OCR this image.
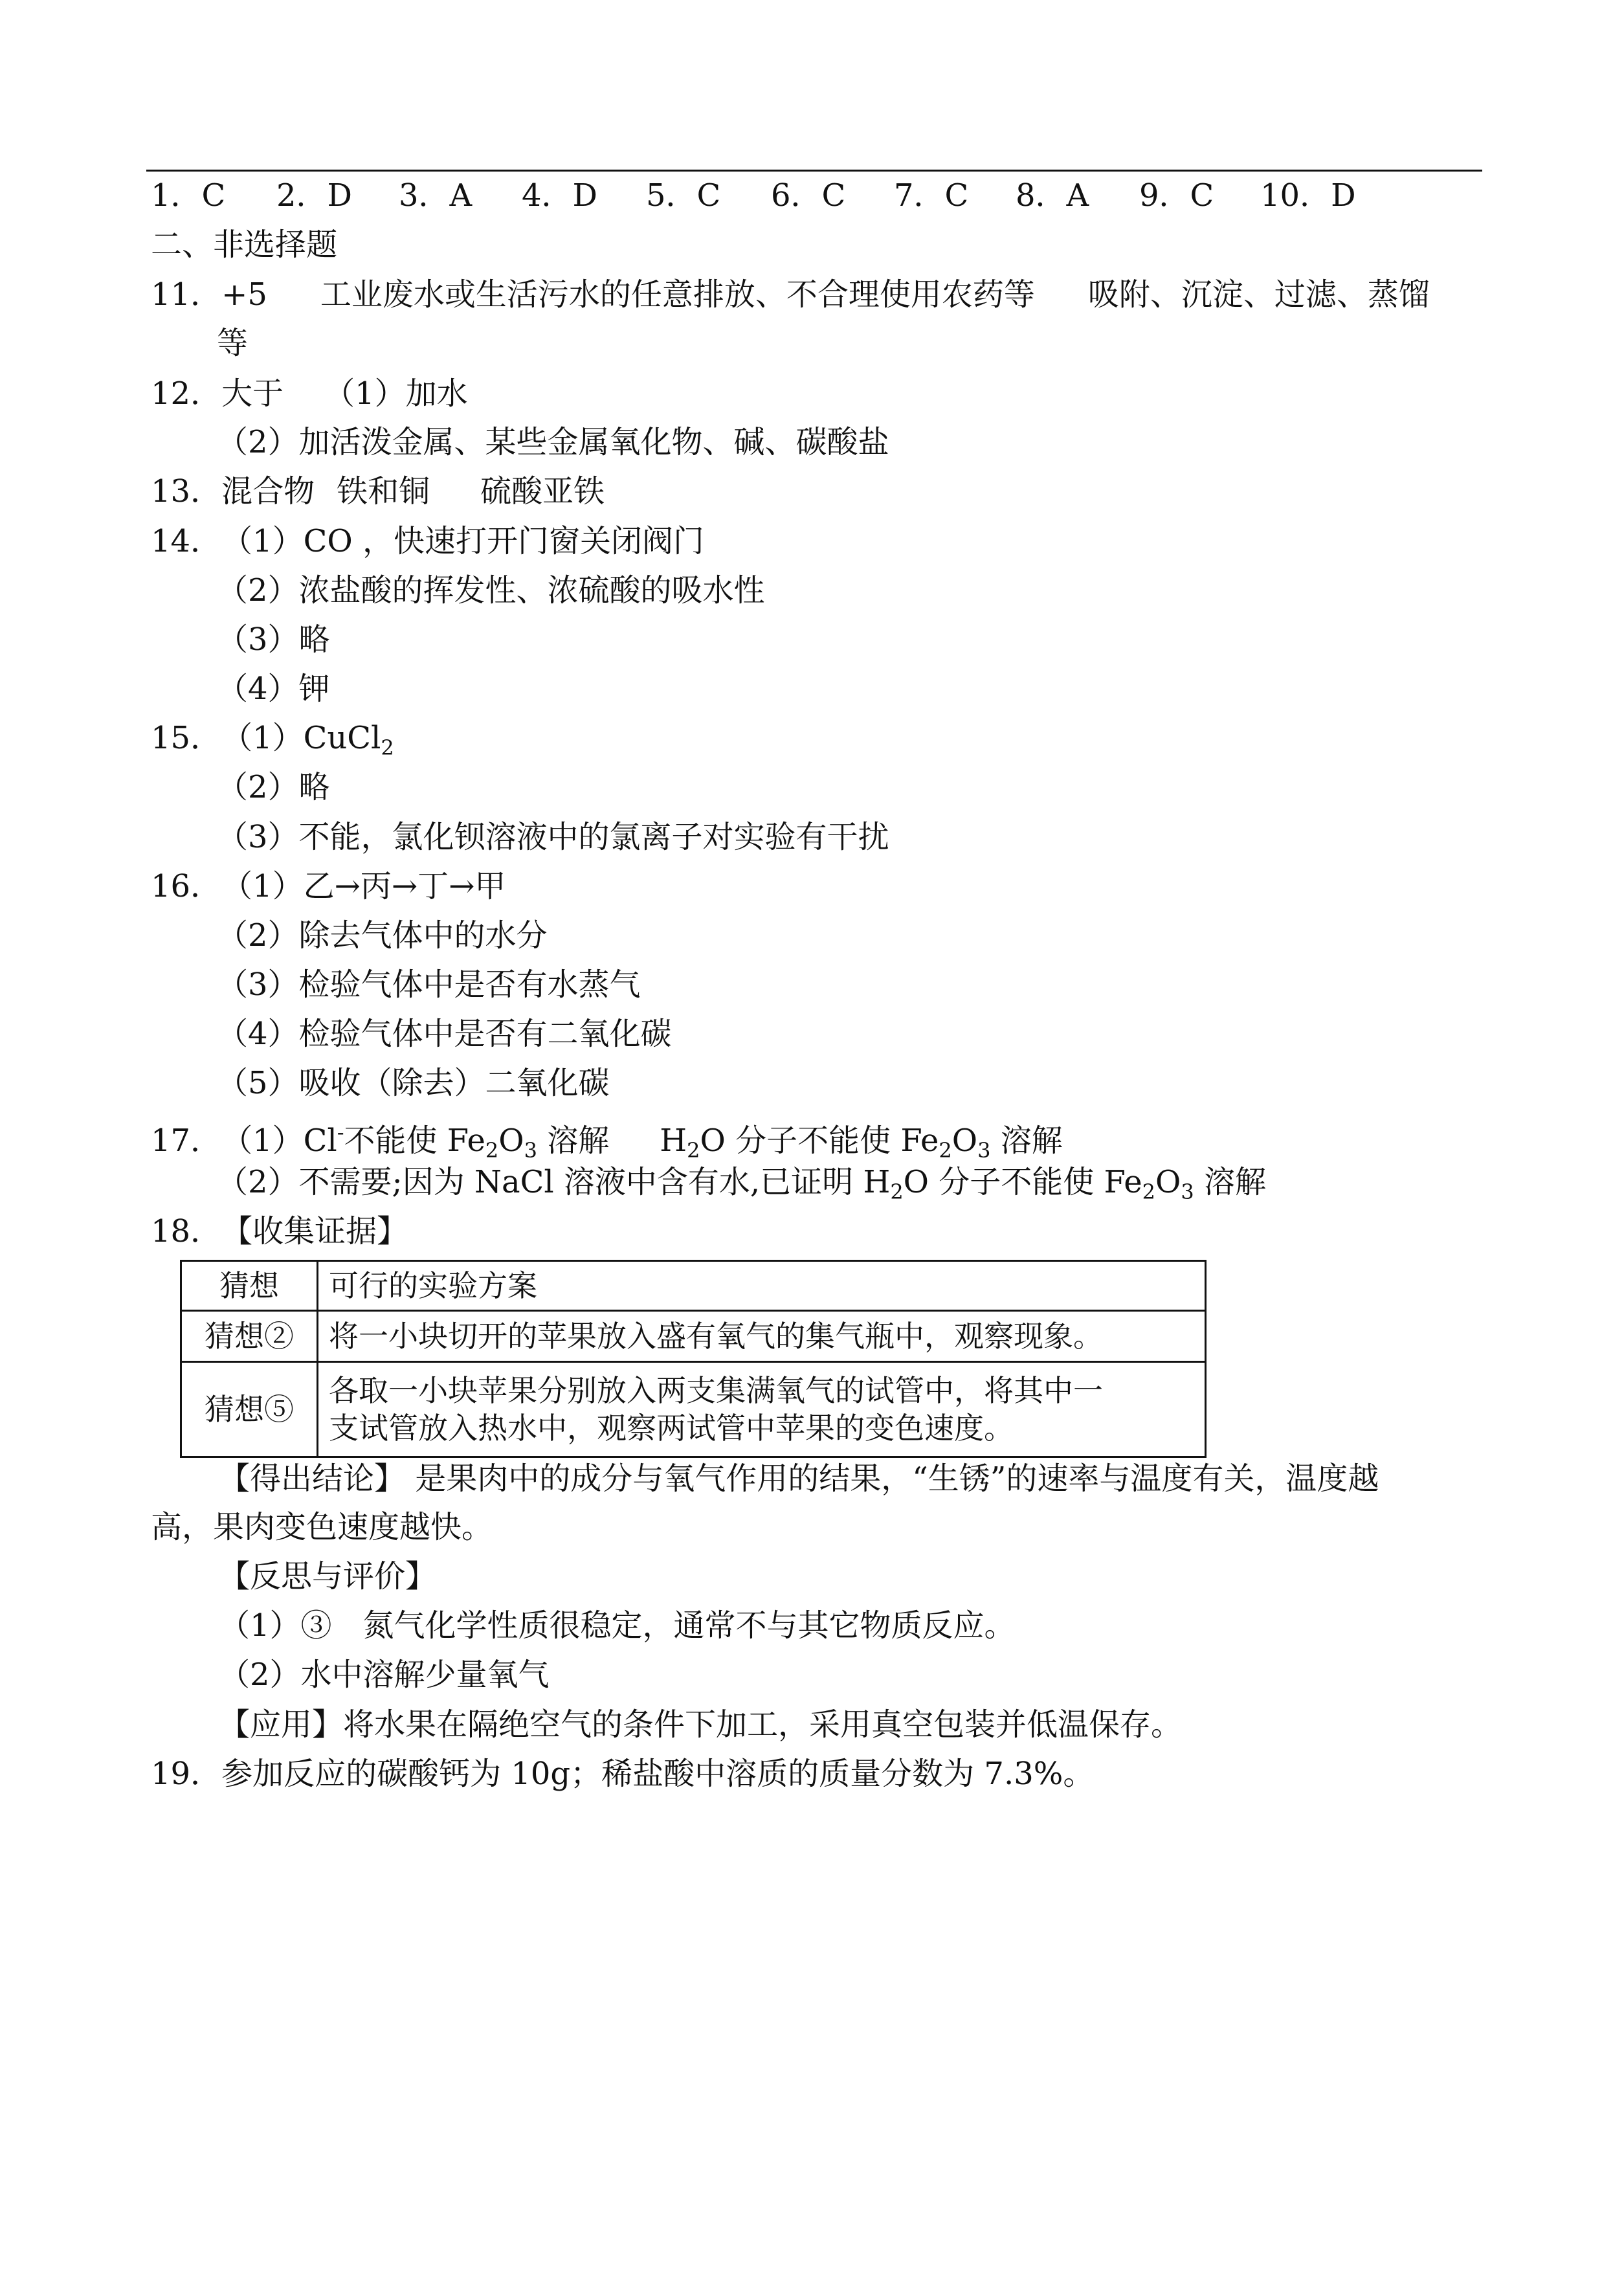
1．C 2．D 3．A 4．D 5．C 6．C 7．C 8．A 9．C 10．D
二、非选择题
11．+5 工业废水或生活污水的任意排放、不合理使用农药等 吸附、沉淀、过滤、蒸馏
等
12．大于 （1）加水
（2）加活泼金属、某些金属氧化物、碱、碳酸盐
13．混合物 铁和铜 硫酸亚铁
14．（1）CO ，快速打开门窗关闭阀门
（2）浓盐酸的挥发性、浓硫酸的吸水性
（3）略
（4）钾
15．（1）CuCl$_2$
（2）略
（3）不能，氯化钡溶液中的氯离子对实验有干扰
16．（1）乙→丙→丁→甲
（2）除去气体中的水分
（3）检验气体中是否有水蒸气
（4）检验气体中是否有二氧化碳
（5）吸收（除去）二氧化碳
17．（1）Cl-不能使 $Fe_2O_3$ 溶解 $H_2O$ 分子不能使 $Fe_2O_3$ 溶解
（2）不需要;因为 NaCl 溶液中含有水,已证明 $H_2O$ 分子不能使 $Fe_2O_3$ 溶解
18．【收集证据】
猜想	可行的实验方案
猜想②	将一小块切开的苹果放入盛有氧气的集气瓶中，观察现象。
猜想⑤	各取一小块苹果分别放入两支集满氧气的试管中，将其中一
支试管放入热水中，观察两试管中苹果的变色速度。
【得出结论】 是果肉中的成分与氧气作用的结果，“生锈”的速率与温度有关，温度越
高，果肉变色速度越快。
【反思与评价】
（1）③　氮气化学性质很稳定，通常不与其它物质反应。
（2）水中溶解少量氧气
【应用】将水果在隔绝空气的条件下加工，采用真空包装并低温保存。
19．参加反应的碳酸钙为 10g；稀盐酸中溶质的质量分数为 7.3%。
